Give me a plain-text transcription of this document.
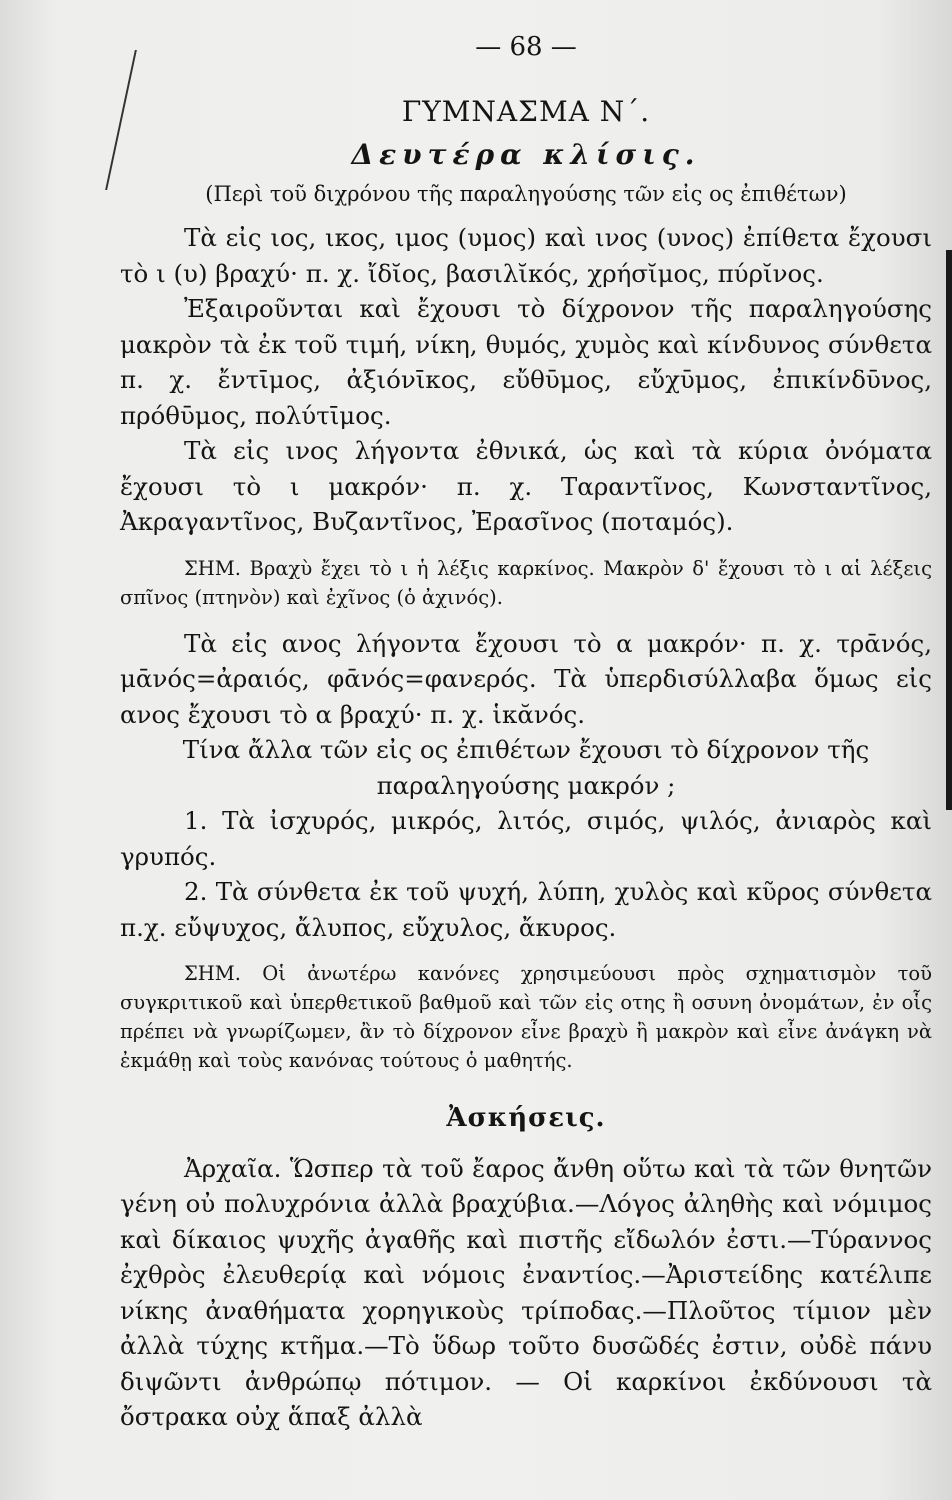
— 68 —
ΓΥΜΝΑΣΜΑ Ν΄.
Δευτέρα κλίσις.
(Περὶ τοῦ διχρόνου τῆς παραληγούσης τῶν εἰς ος ἐπιθέτων)

Τὰ εἰς ιος, ικος, ιμος (υμος) καὶ ινος (υνος) ἐπίθετα ἔχουσι τὸ ι (υ) βραχύ· π. χ. ἴδῐος, βασιλῐκός, χρήσῐμος, πύρῐνος.

Ἐξαιροῦνται καὶ ἔχουσι τὸ δίχρονον τῆς παραληγούσης μακρὸν τὰ ἐκ τοῦ τιμή, νίκη, θυμός, χυμὸς καὶ κίνδυνος σύνθετα π. χ. ἔντῑμος, ἀξιόνῑκος, εὔθῡμος, εὔχῡμος, ἐπικίνδῡνος, πρόθῡμος, πολύτῑμος.

Τὰ εἰς ινος λήγοντα ἐθνικά, ὡς καὶ τὰ κύρια ὀνόματα ἔχουσι τὸ ι μακρόν· π. χ. Ταραντῖνος, Κωνσταντῖνος, Ἀκραγαντῖνος, Βυζαντῖνος, Ἐρασῖνος (ποταμός).

ΣΗΜ. Βραχὺ ἔχει τὸ ι ἡ λέξις καρκίνος. Μακρὸν δ' ἔχουσι τὸ ι αἱ λέξεις σπῖνος (πτηνὸν) καὶ ἐχῖνος (ὁ ἀχινός).

Τὰ εἰς ανος λήγοντα ἔχουσι τὸ α μακρόν· π. χ. τρᾱνός, μᾱνός=ἀραιός, φᾱνός=φανερός. Τὰ ὑπερδισύλλαβα ὅμως εἰς ανος ἔχουσι τὸ α βραχύ· π. χ. ἱκᾰνός.

Τίνα ἄλλα τῶν εἰς ος ἐπιθέτων ἔχουσι τὸ δίχρονον τῆς παραληγούσης μακρόν ;

1. Τὰ ἰσχυρός, μικρός, λιτός, σιμός, ψιλός, ἀνιαρὸς καὶ γρυπός.

2. Τὰ σύνθετα ἐκ τοῦ ψυχή, λύπη, χυλὸς καὶ κῦρος σύνθετα π.χ. εὔψυχος, ἄλυπος, εὔχυλος, ἄκυρος.

ΣΗΜ. Οἱ ἀνωτέρω κανόνες χρησιμεύουσι πρὸς σχηματισμὸν τοῦ συγκριτικοῦ καὶ ὑπερθετικοῦ βαθμοῦ καὶ τῶν εἰς οτης ἢ οσυνη ὀνομάτων, ἐν οἷς πρέπει νὰ γνωρίζωμεν, ἂν τὸ δίχρονον εἶνε βραχὺ ἢ μακρὸν καὶ εἶνε ἀνάγκη νὰ ἐκμάθῃ καὶ τοὺς κανόνας τούτους ὁ μαθητής.

Ἀσκήσεις.

Ἀρχαῖα. Ὥσπερ τὰ τοῦ ἔαρος ἄνθη οὕτω καὶ τὰ τῶν θνητῶν γένη οὐ πολυχρόνια ἀλλὰ βραχύβια.—Λόγος ἀληθὴς καὶ νόμιμος καὶ δίκαιος ψυχῆς ἀγαθῆς καὶ πιστῆς εἴδωλόν ἐστι.—Τύραννος ἐχθρὸς ἐλευθερίᾳ καὶ νόμοις ἐναντίος.—Ἀριστείδης κατέλιπε νίκης ἀναθήματα χορηγικοὺς τρίποδας.—Πλοῦτος τίμιον μὲν ἀλλὰ τύχης κτῆμα.—Τὸ ὕδωρ τοῦτο δυσῶδές ἐστιν, οὐδὲ πάνυ διψῶντι ἀνθρώπῳ πότιμον. — Οἱ καρκίνοι ἐκδύνουσι τὰ ὄστρακα οὐχ ἅπαξ ἀλλὰ
